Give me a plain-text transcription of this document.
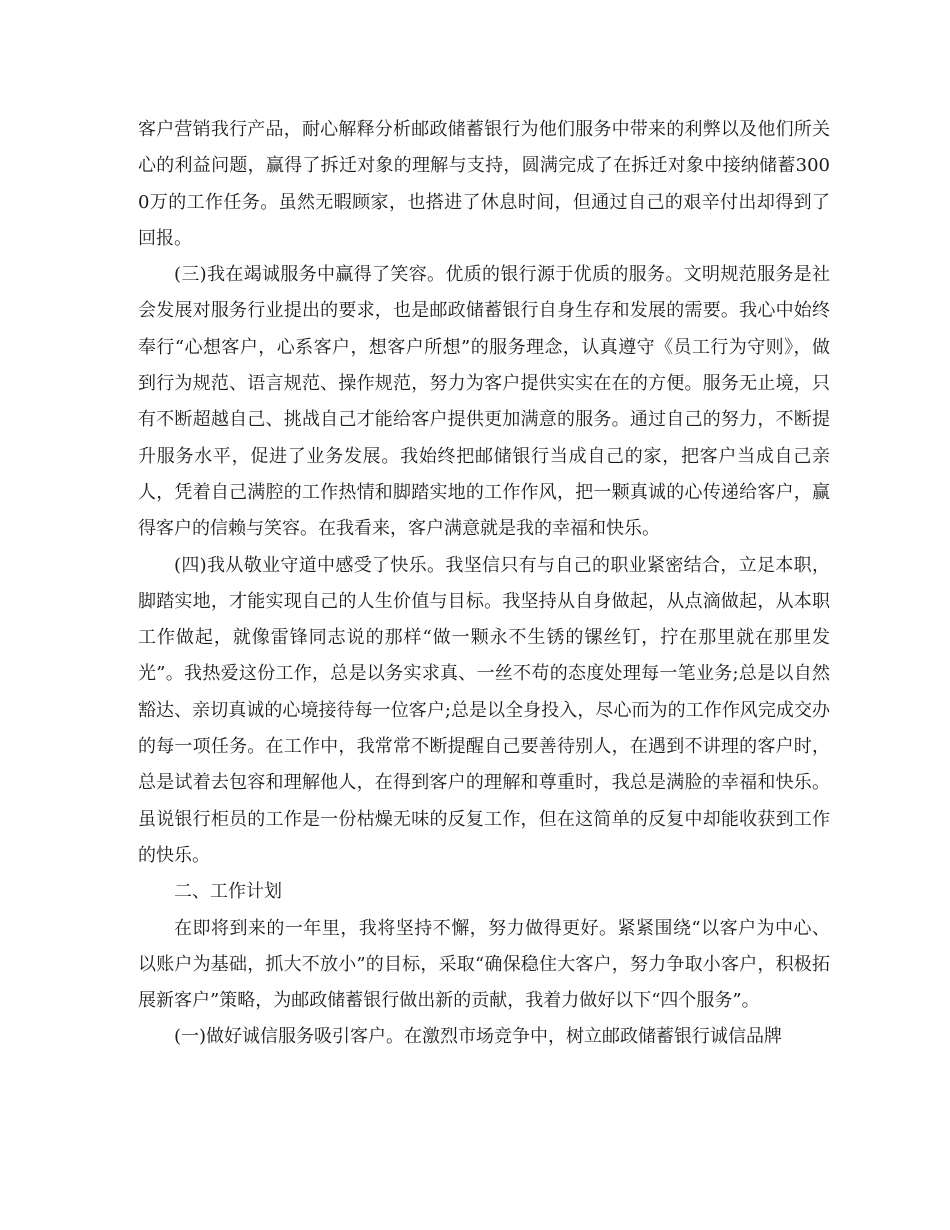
客户营销我行产品，耐心解释分析邮政储蓄银行为他们服务中带来的利弊以及他们所关心的利益问题，赢得了拆迁对象的理解与支持，圆满完成了在拆迁对象中接纳储蓄3000万的工作任务。虽然无暇顾家，也搭进了休息时间，但通过自己的艰辛付出却得到了回报。

(三)我在竭诚服务中赢得了笑容。优质的银行源于优质的服务。文明规范服务是社会发展对服务行业提出的要求，也是邮政储蓄银行自身生存和发展的需要。我心中始终奉行“心想客户，心系客户，想客户所想”的服务理念，认真遵守《员工行为守则》，做到行为规范、语言规范、操作规范，努力为客户提供实实在在的方便。服务无止境，只有不断超越自己、挑战自己才能给客户提供更加满意的服务。通过自己的努力，不断提升服务水平，促进了业务发展。我始终把邮储银行当成自己的家，把客户当成自己亲人，凭着自己满腔的工作热情和脚踏实地的工作作风，把一颗真诚的心传递给客户，赢得客户的信赖与笑容。在我看来，客户满意就是我的幸福和快乐。

(四)我从敬业守道中感受了快乐。我坚信只有与自己的职业紧密结合，立足本职，脚踏实地，才能实现自己的人生价值与目标。我坚持从自身做起，从点滴做起，从本职工作做起，就像雷锋同志说的那样“做一颗永不生锈的镙丝钉，拧在那里就在那里发光”。我热爱这份工作，总是以务实求真、一丝不苟的态度处理每一笔业务;总是以自然豁达、亲切真诚的心境接待每一位客户;总是以全身投入，尽心而为的工作作风完成交办的每一项任务。在工作中，我常常不断提醒自己要善待别人，在遇到不讲理的客户时，总是试着去包容和理解他人，在得到客户的理解和尊重时，我总是满脸的幸福和快乐。虽说银行柜员的工作是一份枯燥无味的反复工作，但在这简单的反复中却能收获到工作的快乐。

二、工作计划

在即将到来的一年里，我将坚持不懈，努力做得更好。紧紧围绕“以客户为中心、以账户为基础，抓大不放小”的目标，采取“确保稳住大客户，努力争取小客户，积极拓展新客户”策略，为邮政储蓄银行做出新的贡献，我着力做好以下“四个服务”。

(一)做好诚信服务吸引客户。在激烈市场竞争中，树立邮政储蓄银行诚信品牌
